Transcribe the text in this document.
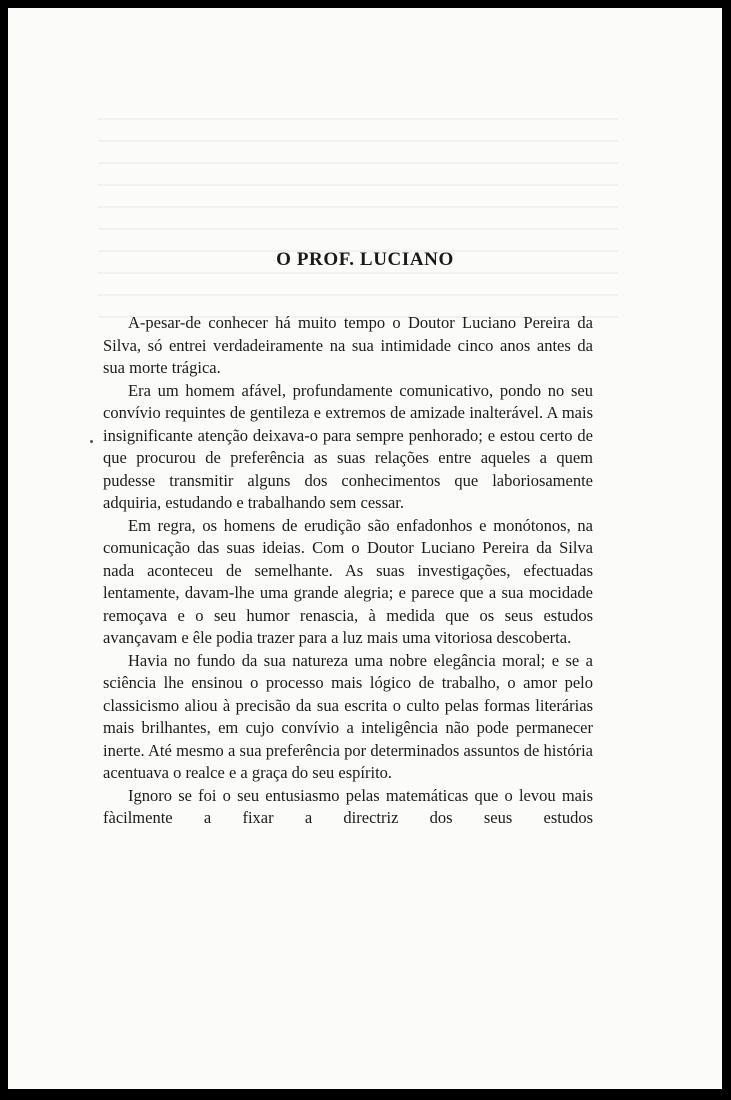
O PROF. LUCIANO

A-pesar-de conhecer há muito tempo o Doutor Luciano Pereira da Silva, só entrei verdadeiramente na sua intimidade cinco anos antes da sua morte trágica.

Era um homem afável, profundamente comunicativo, pondo no seu convívio requintes de gentileza e extremos de amizade inalterável. A mais insignificante atenção deixava-o para sempre penhorado; e estou certo de que procurou de preferência as suas relações entre aqueles a quem pudesse transmitir alguns dos conhecimentos que laboriosamente adquiria, estudando e trabalhando sem cessar.

Em regra, os homens de erudição são enfadonhos e monótonos, na comunicação das suas ideias. Com o Doutor Luciano Pereira da Silva nada aconteceu de semelhante. As suas investigações, efectuadas lentamente, davam-lhe uma grande alegria; e parece que a sua mocidade remoçava e o seu humor renascia, à medida que os seus estudos avançavam e êle podia trazer para a luz mais uma vitoriosa descoberta.

Havia no fundo da sua natureza uma nobre elegância moral; e se a sciência lhe ensinou o processo mais lógico de trabalho, o amor pelo classicismo aliou à precisão da sua escrita o culto pelas formas literárias mais brilhantes, em cujo convívio a inteligência não pode permanecer inerte. Até mesmo a sua preferência por determinados assuntos de história acentuava o realce e a graça do seu espírito.

Ignoro se foi o seu entusiasmo pelas matemáticas que o levou mais fàcilmente a fixar a directriz dos seus estudos
